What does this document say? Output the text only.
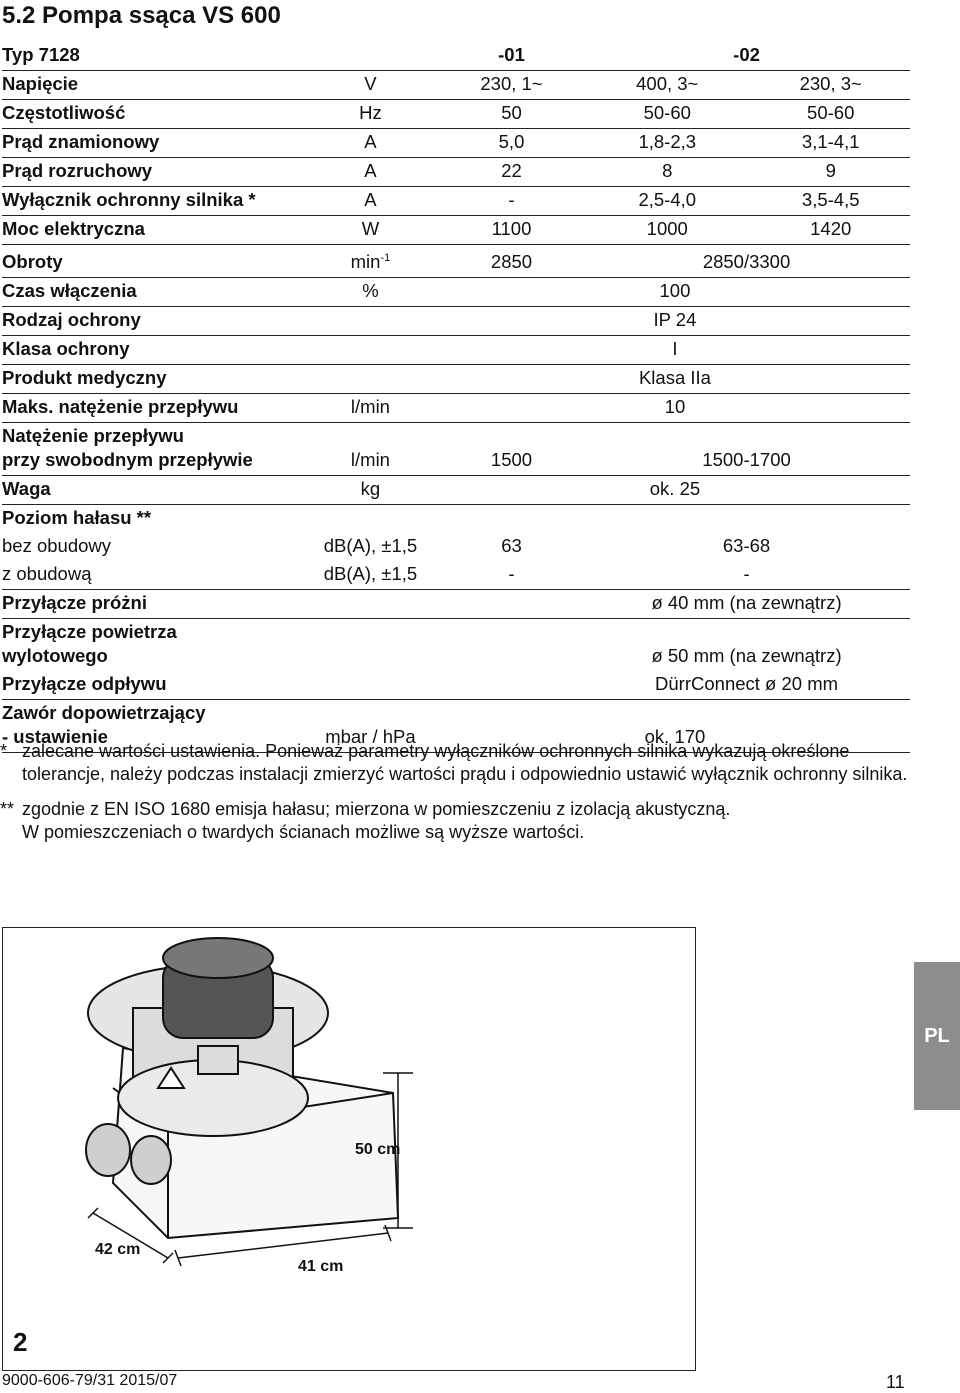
5.2 Pompa ssąca VS 600
Typ 7128		-01	-02	
Napięcie	V	230, 1~	400, 3~	230, 3~
Częstotliwość	Hz	50	50-60	50-60
Prąd znamionowy	A	5,0	1,8-2,3	3,1-4,1
Prąd rozruchowy	A	22	8	9
Wyłącznik ochronny silnika *	A	-	2,5-4,0	3,5-4,5
Moc elektryczna	W	1100	1000	1420
Obroty	$\min^{-1}$	2850	2850/3300	
Czas włączenia	%	100		
Rodzaj ochrony		IP 24		
Klasa ochrony		I		
Produkt medyczny		Klasa IIa		
Maks. natężenie przepływu	l/min	10		

Natężenie przepływu
przy swobodnym przepływie	l/min	1500	1500-1700	
Waga	kg	ok. 25		
Poziom hałasu **				
bez obudowy	dB(A), ±1,5	63	63-68	
z obudową	dB(A), ±1,5	-	-	
Przyłącze próżni			ø 40 mm (na zewnątrz)	

Przyłącze powietrza
wylotowego			ø 50 mm (na zewnątrz)	
Przyłącze odpływu			DürrConnect ø 20 mm	

Zawór dopowietrzający
- ustawienie	mbar / hPa	ok. 170		
* zalecane wartości ustawienia. Ponieważ parametry wyłączników ochronnych silnika wykazują określone tolerancje, należy podczas instalacji zmierzyć wartości prądu i odpowiednio ustawić wyłącznik ochronny silnika.
** zgodnie z EN ISO 1680 emisja hałasu; mierzona w pomieszczeniu z izolacją akustyczną.
W pomieszczeniach o twardych ścianach możliwe są wyższe wartości.
50 cm
42 cm
41 cm
2
PL
9000-606-79/31 2015/07	11
